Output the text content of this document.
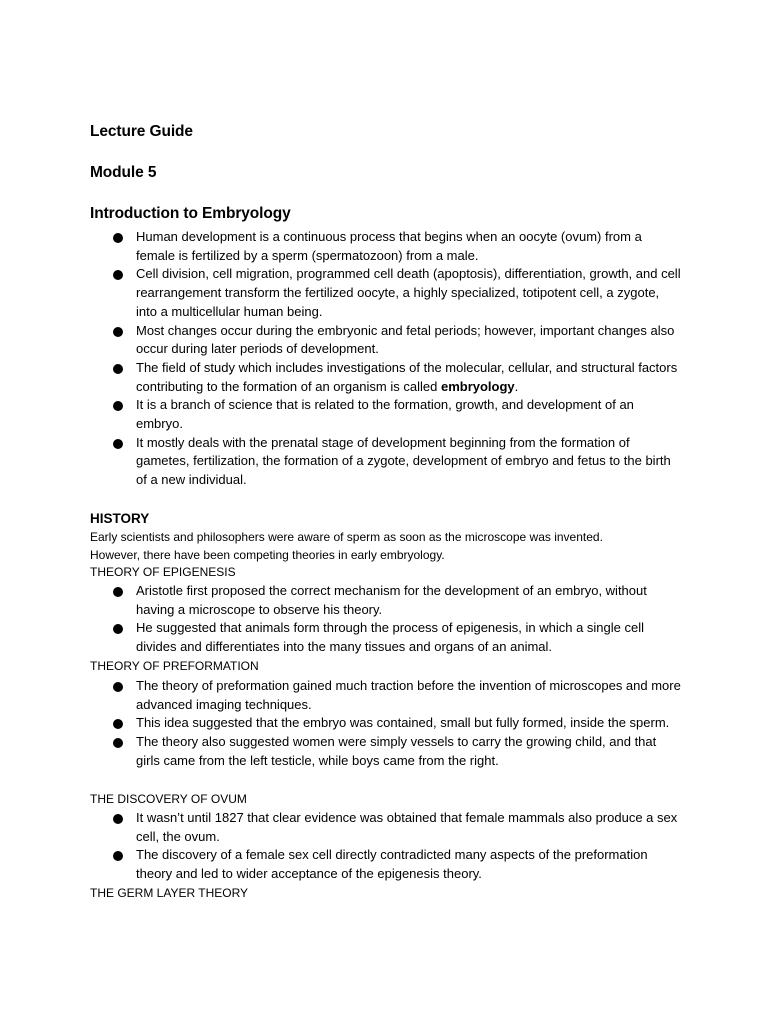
Lecture Guide
Module 5
Introduction to Embryology
Human development is a continuous process that begins when an oocyte (ovum) from a female is fertilized by a sperm (spermatozoon) from a male.
Cell division, cell migration, programmed cell death (apoptosis), differentiation, growth, and cell rearrangement transform the fertilized oocyte, a highly specialized, totipotent cell, a zygote, into a multicellular human being.
Most changes occur during the embryonic and fetal periods; however, important changes also occur during later periods of development.
The field of study which includes investigations of the molecular, cellular, and structural factors contributing to the formation of an organism is called embryology.
It is a branch of science that is related to the formation, growth, and development of an embryo.
It mostly deals with the prenatal stage of development beginning from the formation of gametes, fertilization, the formation of a zygote, development of embryo and fetus to the birth of a new individual.
HISTORY
Early scientists and philosophers were aware of sperm as soon as the microscope was invented.
However, there have been competing theories in early embryology.
THEORY OF EPIGENESIS
Aristotle first proposed the correct mechanism for the development of an embryo, without having a microscope to observe his theory.
He suggested that animals form through the process of epigenesis, in which a single cell divides and differentiates into the many tissues and organs of an animal.
THEORY OF PREFORMATION
The theory of preformation gained much traction before the invention of microscopes and more advanced imaging techniques.
This idea suggested that the embryo was contained, small but fully formed, inside the sperm.
The theory also suggested women were simply vessels to carry the growing child, and that girls came from the left testicle, while boys came from the right.
THE DISCOVERY OF OVUM
It wasn’t until 1827 that clear evidence was obtained that female mammals also produce a sex cell, the ovum.
The discovery of a female sex cell directly contradicted many aspects of the preformation theory and led to wider acceptance of the epigenesis theory.
THE GERM LAYER THEORY
